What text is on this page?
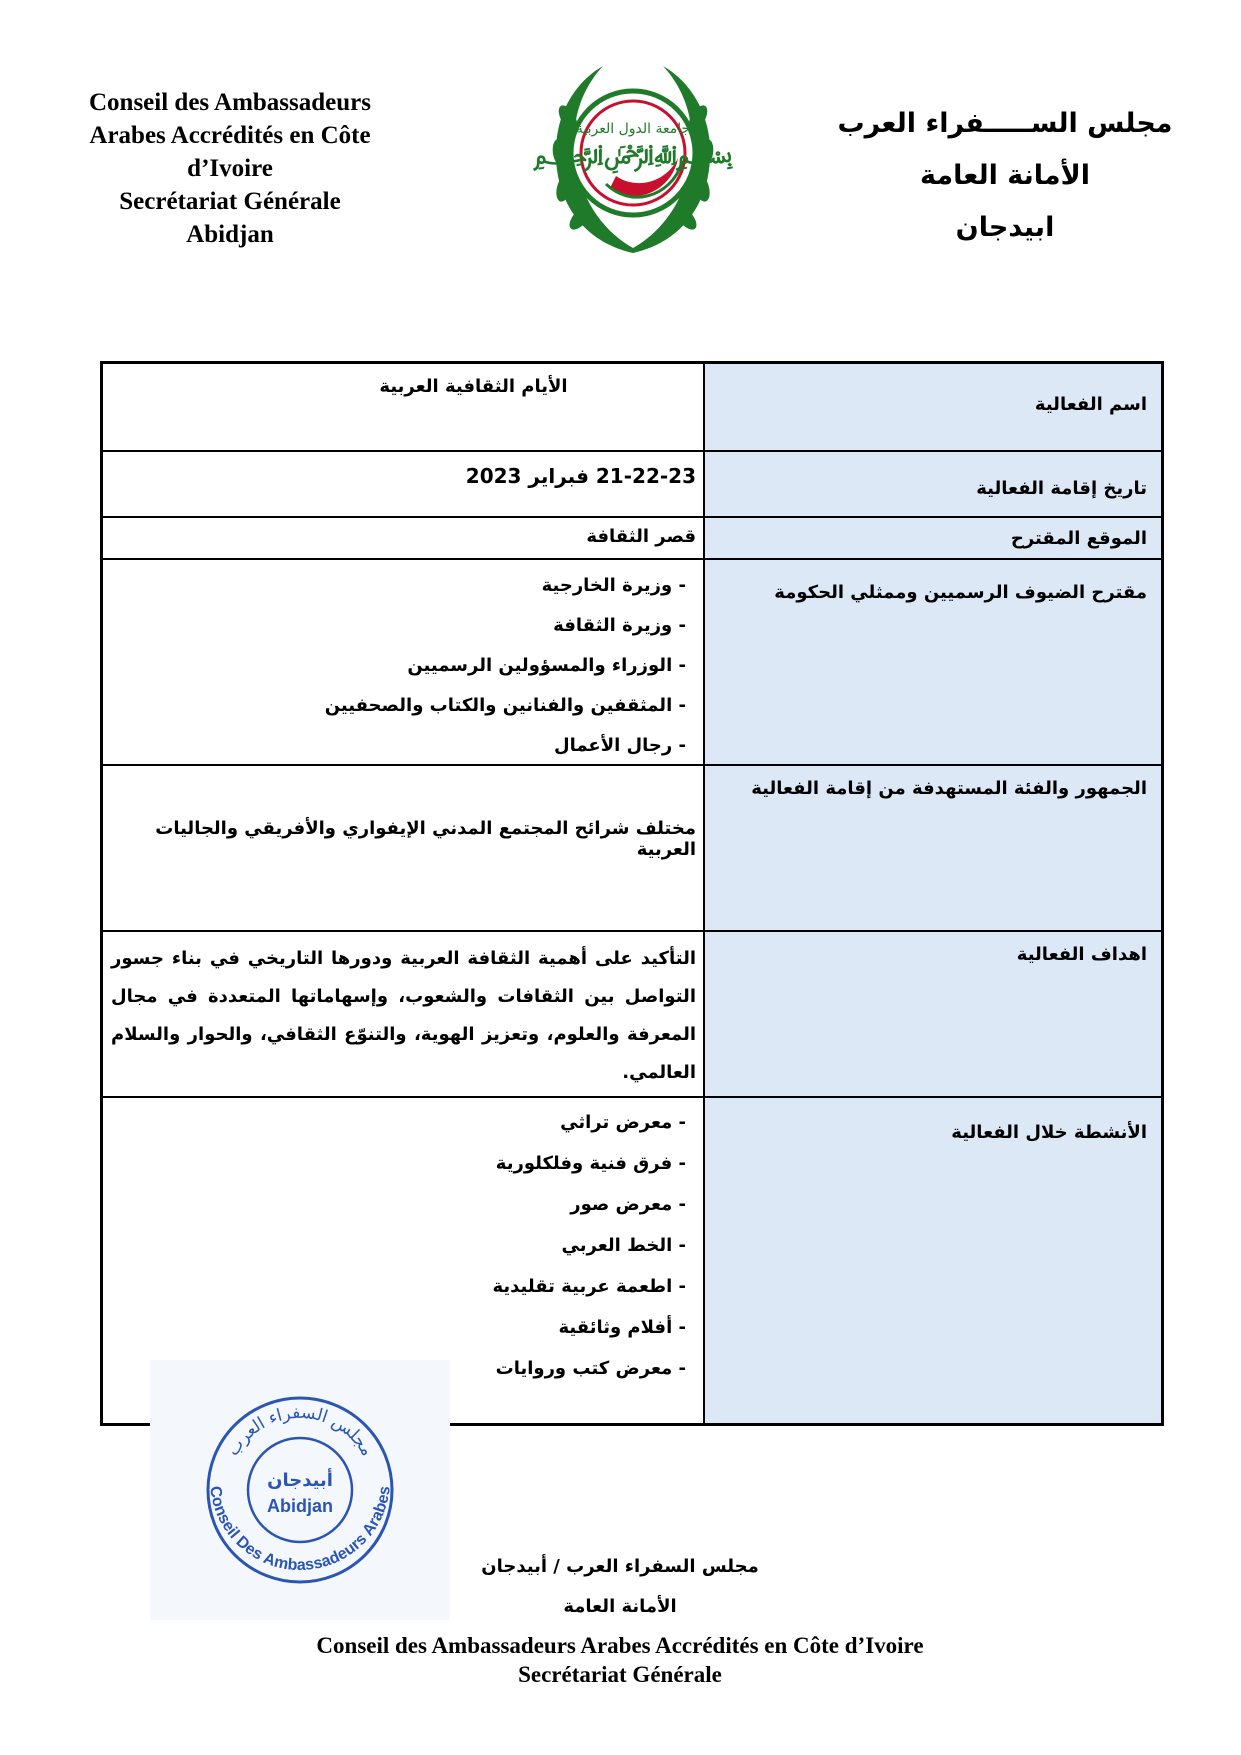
Conseil des Ambassadeurs
Arabes Accrédités en Côte
d’Ivoire
Secrétariat Générale
Abidjan
جامعة الدول العربية
﷽
مجلس الســـــفراء العرب
الأمانة العامة
ابيدجان
اسم الفعالية
الأيام الثقافية العربية
تاريخ إقامة الفعالية
21-22-23 فبراير 2023
الموقع المقترح
قصر الثقافة
مقترح الضيوف الرسميين وممثلي الحكومة
- وزيرة الخارجية
- وزيرة الثقافة
- الوزراء والمسؤولين الرسميين
- المثقفين والفنانين والكتاب والصحفيين
- رجال الأعمال
الجمهور والفئة المستهدفة من إقامة الفعالية
مختلف شرائح المجتمع المدني الإيفواري والأفريقي والجاليات العربية
اهداف الفعالية
التأكيد على أهمية الثقافة العربية ودورها التاريخي في بناء جسور التواصل بين الثقافات والشعوب، وإسهاماتها المتعددة في مجال المعرفة والعلوم، وتعزيز الهوية، والتنوّع الثقافي، والحوار والسلام العالمي.
الأنشطة خلال الفعالية
- معرض تراثي
- فرق فنية وفلكلورية
- معرض صور
- الخط العربي
- اطعمة عربية تقليدية
- أفلام وثائقية
- معرض كتب وروايات
مجلس السفراء العرب
Conseil Des Ambassadeurs Arabes
أبيدجان
Abidjan
مجلس السفراء العرب / أبيدجان
الأمانة العامة
Conseil des Ambassadeurs Arabes Accrédités en Côte d’Ivoire
Secrétariat Générale
